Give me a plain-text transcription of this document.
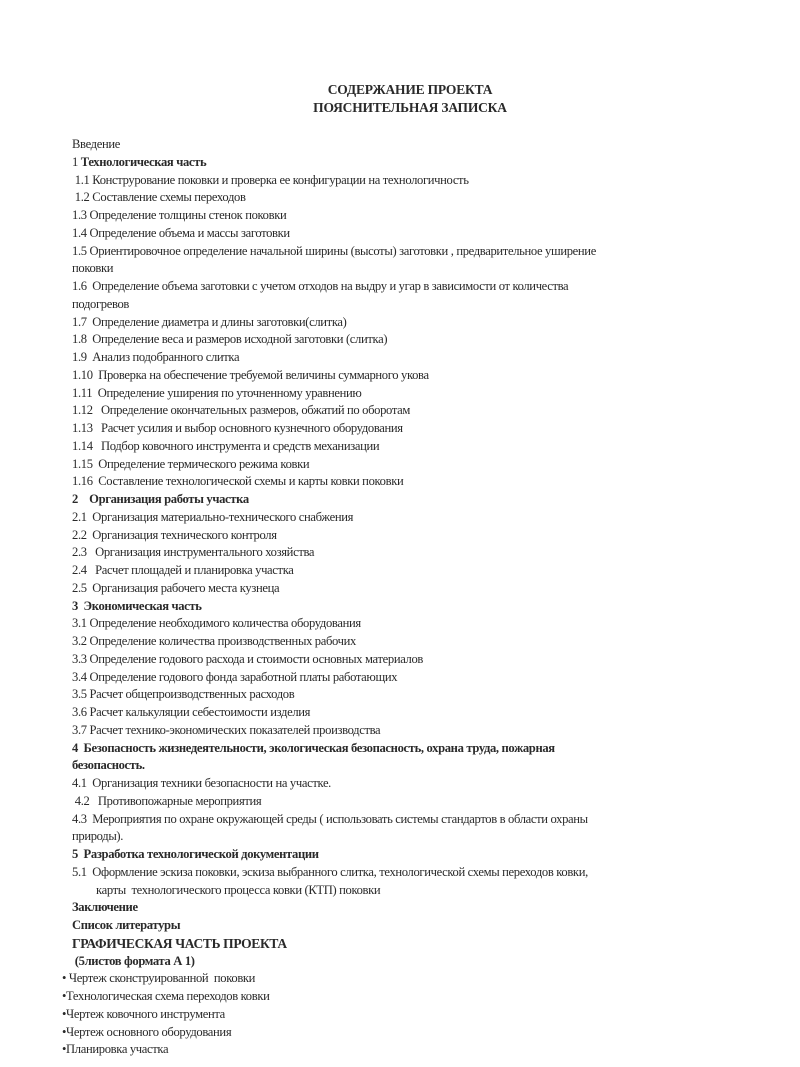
СОДЕРЖАНИЕ ПРОЕКТА
ПОЯСНИТЕЛЬНАЯ ЗАПИСКА
Введение
1 Технологическая часть
1.1 Конструрование поковки и проверка ее конфигурации на технологичность
1.2 Составление схемы переходов
1.3 Определение толщины стенок поковки
1.4 Определение объема и массы заготовки
1.5 Ориентировочное определение начальной ширины (высоты) заготовки , предварительное уширение
поковки
1.6  Определение объема заготовки с учетом отходов на выдру и угар в зависимости от количества
подогревов
1.7  Определение диаметра и длины заготовки(слитка)
1.8  Определение веса и размеров исходной заготовки (слитка)
1.9  Анализ подобранного слитка
1.10  Проверка на обеспечение требуемой величины суммарного укова
1.11  Определение уширения по уточненному уравнению
1.12   Определение окончательных размеров, обжатий по оборотам
1.13   Расчет усилия и выбор основного кузнечного оборудования
1.14   Подбор ковочного инструмента и средств механизации
1.15  Определение термического режима ковки
1.16  Составление технологической схемы и карты ковки поковки
2    Организация работы участка
2.1  Организация материально-технического снабжения
2.2  Организация технического контроля
2.3   Организация инструментального хозяйства
2.4   Расчет площадей и планировка участка
2.5  Организация рабочего места кузнеца
3  Экономическая часть
3.1 Определение необходимого количества оборудования
3.2 Определение количества производственных рабочих
3.3 Определение годового расхода и стоимости основных материалов
3.4 Определение годового фонда заработной платы работающих
3.5 Расчет общепроизводственных расходов
3.6 Расчет калькуляции себестоимости изделия
3.7 Расчет технико-экономических показателей производства
4  Безопасность жизнедеятельности, экологическая безопасность, охрана труда, пожарная
безопасность.
4.1  Организация техники безопасности на участке.
4.2   Противопожарные мероприятия
4.3  Мероприятия по охране окружающей среды ( использовать системы стандартов в области охраны
природы).
5  Разработка технологической документации
5.1  Оформление эскиза поковки, эскиза выбранного слитка, технологической схемы переходов ковки,
карты  технологического процесса ковки (КТП) поковки
Заключение
Список литературы
ГРАФИЧЕСКАЯ ЧАСТЬ ПРОЕКТА
(5листов формата А 1)
• Чертеж сконструированной  поковки
•Технологическая схема переходов ковки
•Чертеж ковочного инструмента
•Чертеж основного оборудования
•Планировка участка
